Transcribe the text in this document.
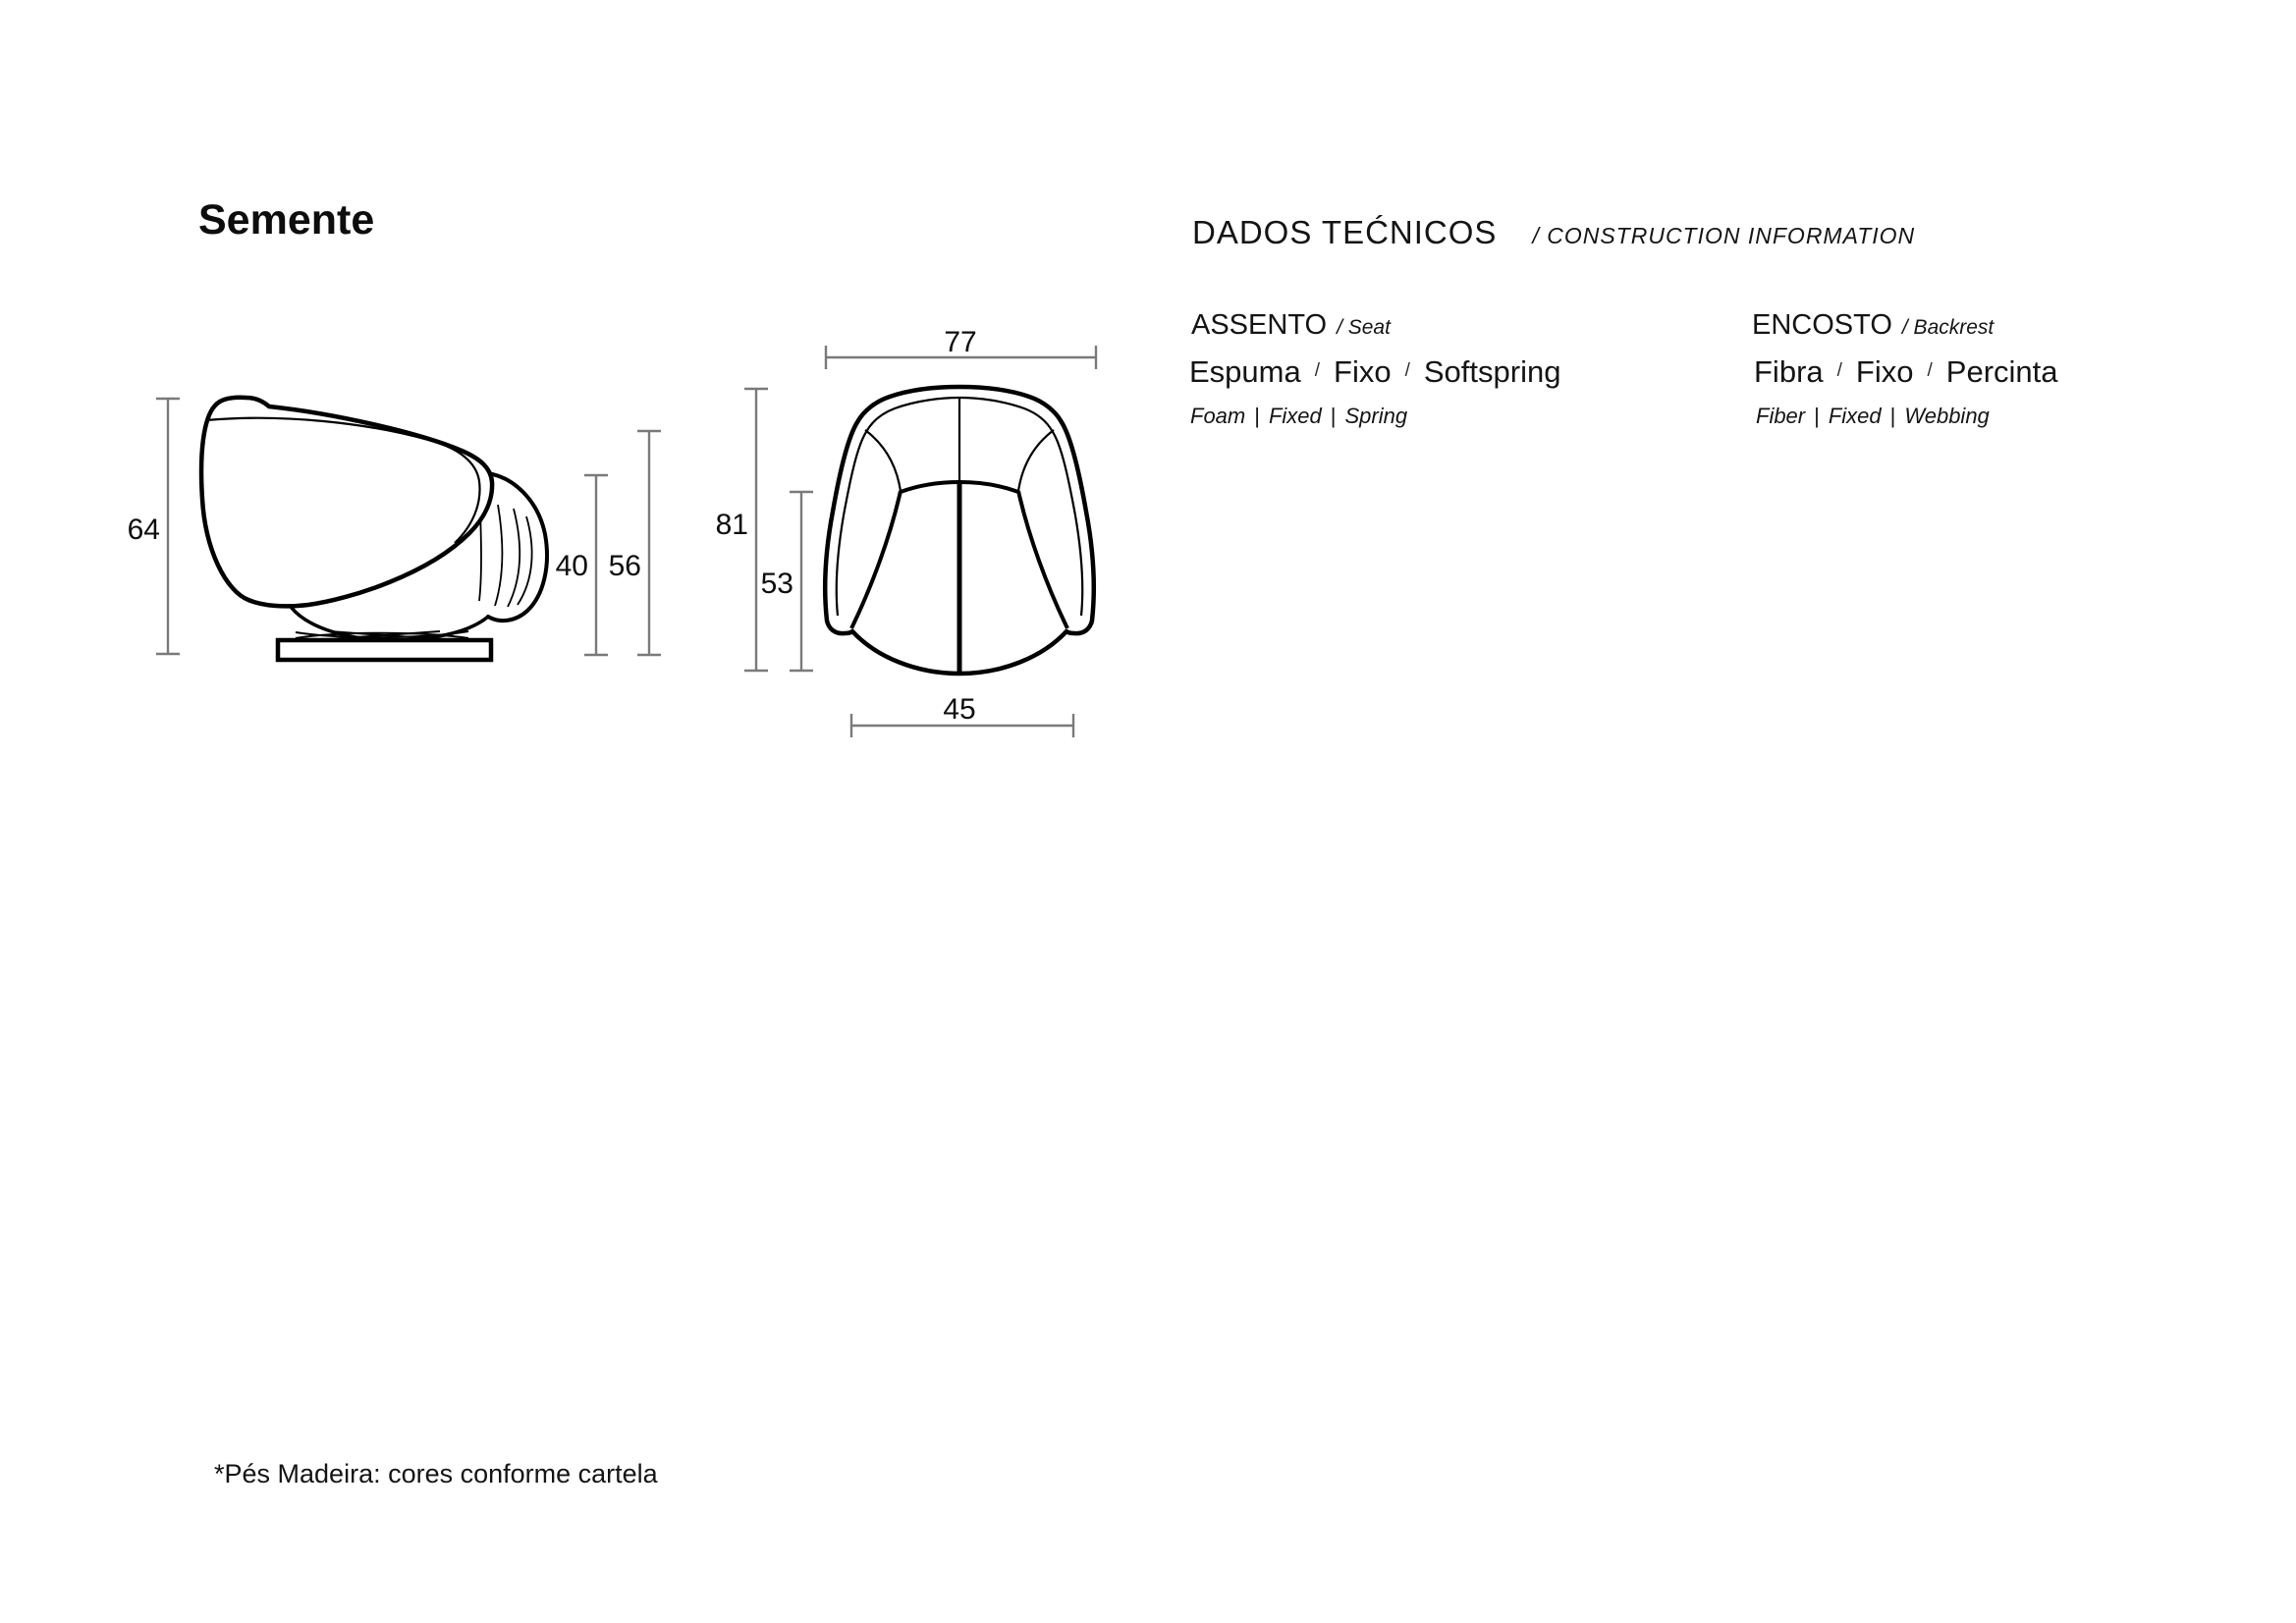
Semente
64
40 56
77
81
53
45
DADOS TEĆNICOS / CONSTRUCTION INFORMATION
ASSENTO / Seat
Espuma / Fixo / Softspring
Foam | Fixed | Spring
ENCOSTO / Backrest
Fibra / Fixo / Percinta
Fiber | Fixed | Webbing
*Pés Madeira: cores conforme cartela
